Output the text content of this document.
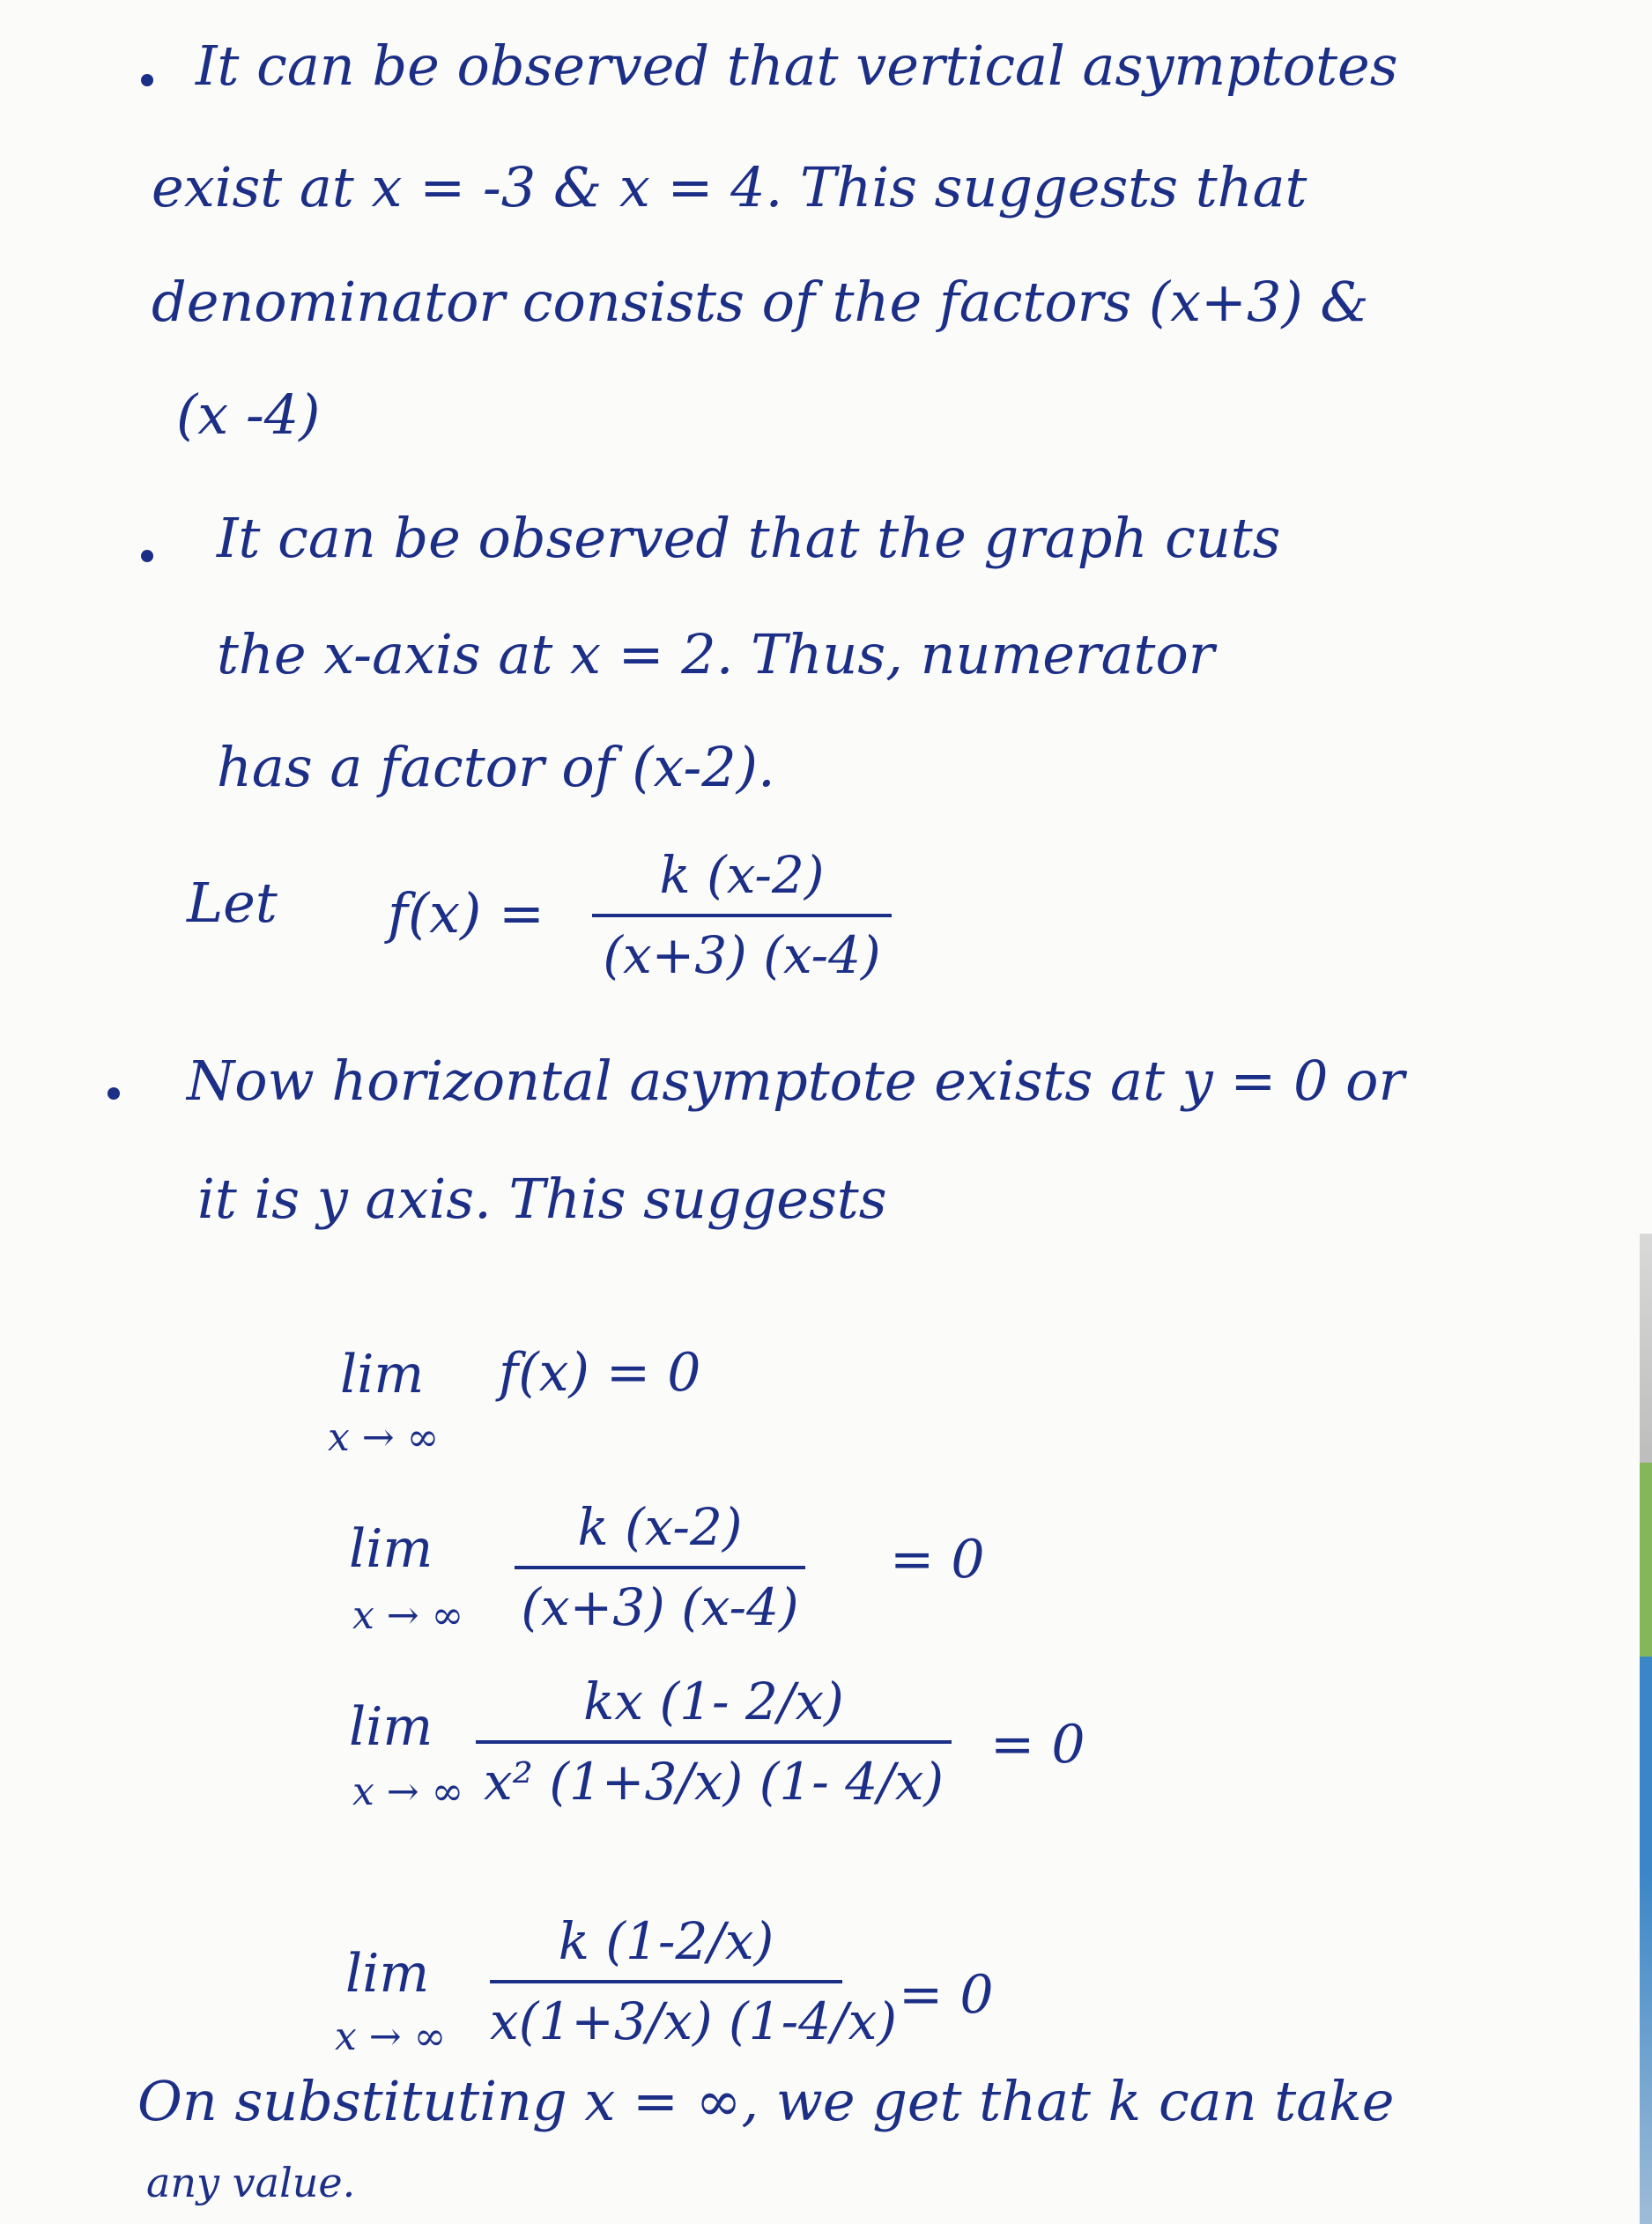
It can be observed that vertical asymptotes
exist at x = -3 & x = 4. This suggests that
denominator consists of the factors (x+3) &
(x -4)
It can be observed that the graph cuts
the x-axis at x = 2. Thus, numerator
has a factor of (x-2).
Let f(x) =
k (x-2)
(x+3) (x-4)
Now horizontal asymptote exists at y = 0 or
it is y axis. This suggests
lim
x → ∞
f(x) = 0
lim
x → ∞
k (x-2)
(x+3) (x-4)
= 0
lim
x → ∞
kx (1- 2/x)
x² (1+3/x) (1- 4/x)
= 0
lim
x → ∞
k (1-2/x)
x(1+3/x) (1-4/x) = 0
On substituting x = ∞, we get that k can take
any value.
